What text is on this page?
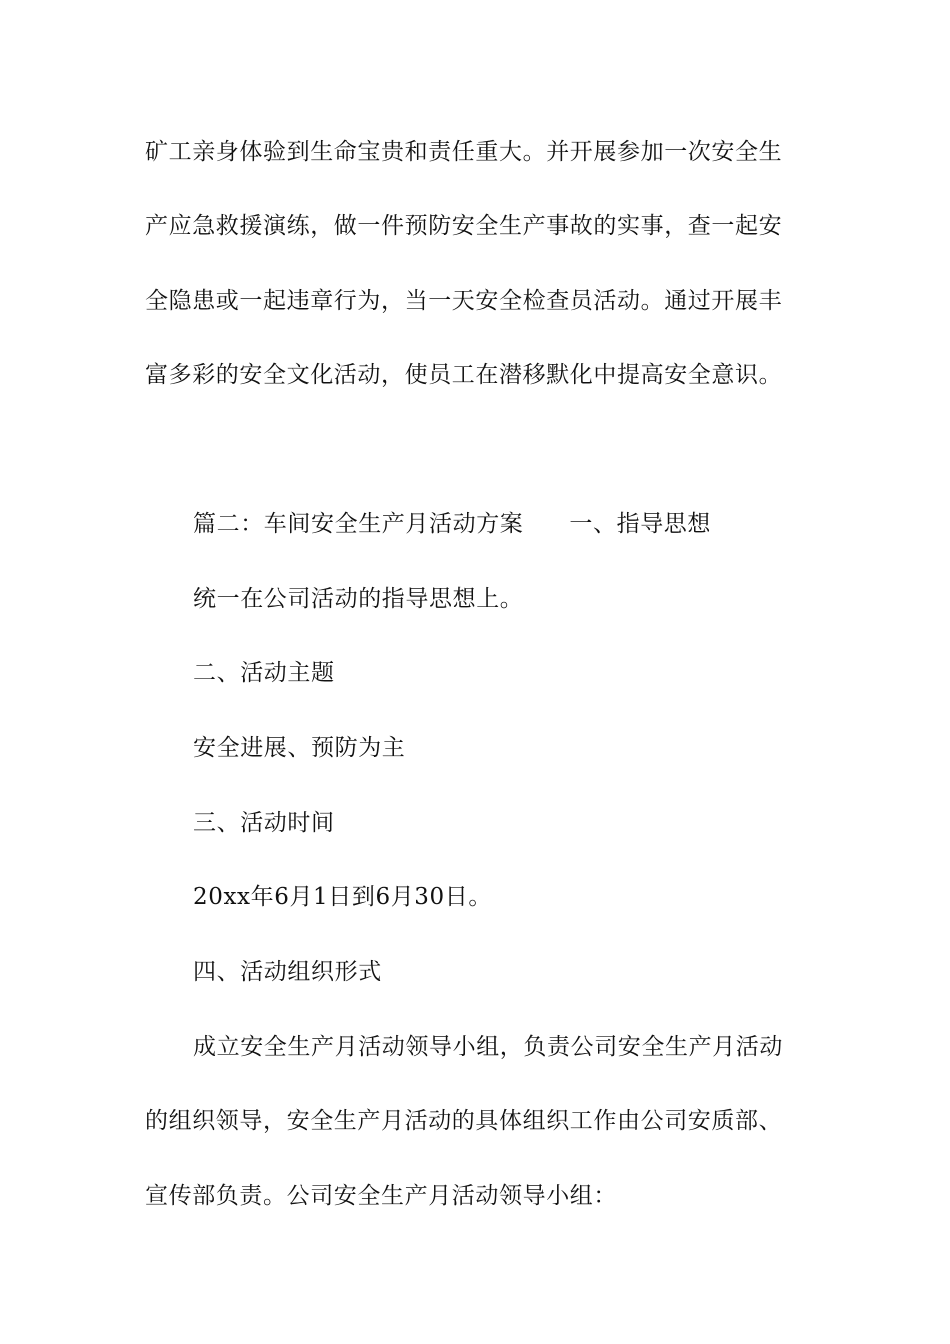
矿工亲身体验到生命宝贵和责任重大。并开展参加一次安全生
产应急救援演练，做一件预防安全生产事故的实事，查一起安
全隐患或一起违章行为，当一天安全检查员活动。通过开展丰
富多彩的安全文化活动，使员工在潜移默化中提高安全意识。
篇二：车间安全生产月活动方案 一、指导思想
统一在公司活动的指导思想上。
二、活动主题
安全进展、预防为主
三、活动时间
20xx年6月1日到6月30日。
四、活动组织形式
成立安全生产月活动领导小组，负责公司安全生产月活动
的组织领导，安全生产月活动的具体组织工作由公司安质部、
宣传部负责。公司安全生产月活动领导小组：
